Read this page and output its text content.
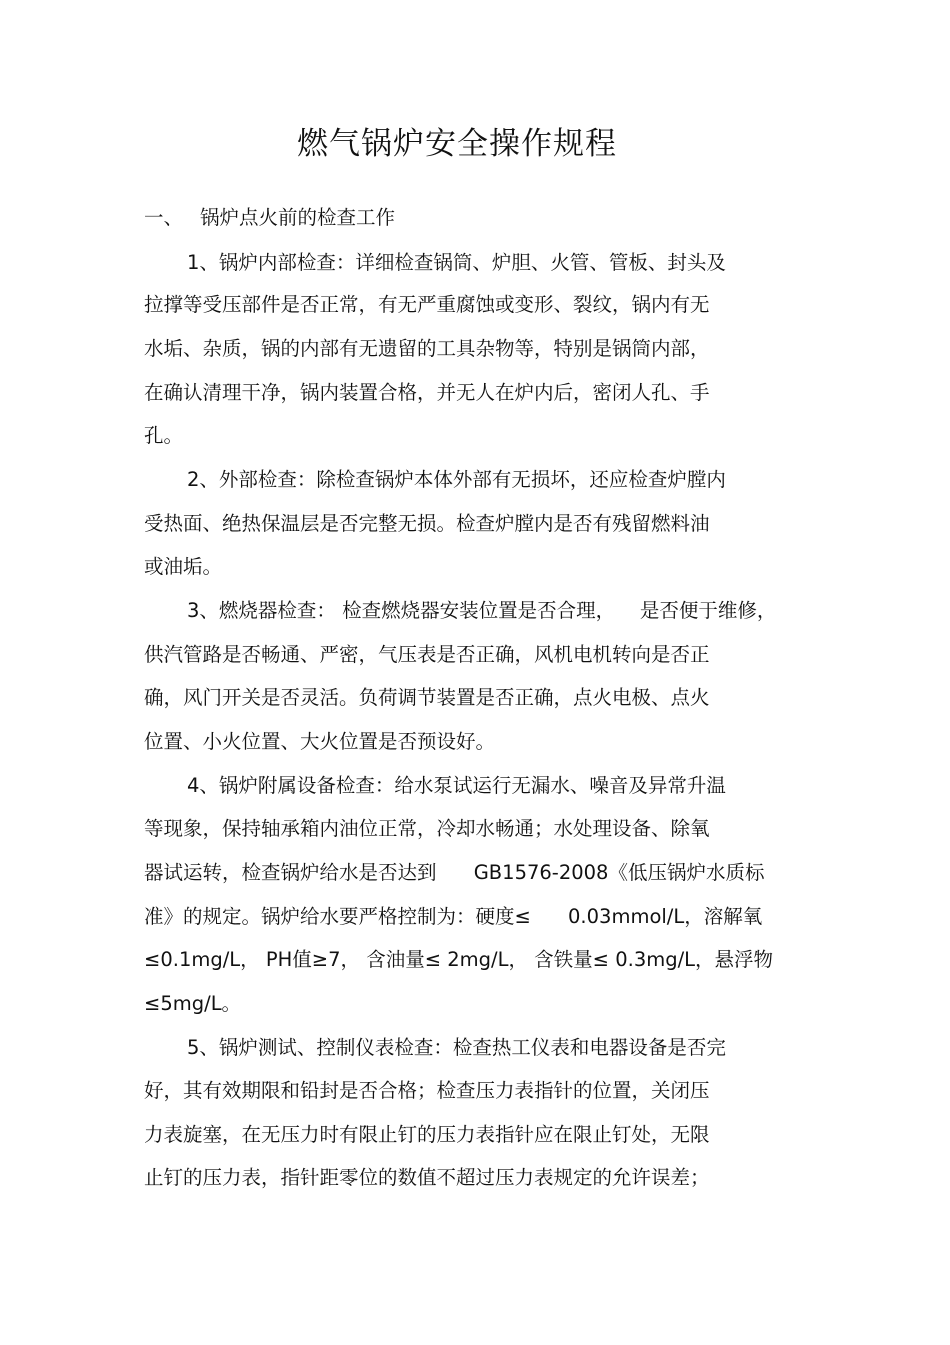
燃气锅炉安全操作规程
一、 锅炉点火前的检查工作
1、锅炉内部检查：详细检查锅筒、炉胆、火管、管板、封头及
拉撑等受压部件是否正常，有无严重腐蚀或变形、裂纹，锅内有无
水垢、杂质，锅的内部有无遗留的工具杂物等，特别是锅筒内部，
在确认清理干净，锅内装置合格，并无人在炉内后，密闭人孔、手
孔。
2、外部检查：除检查锅炉本体外部有无损坏，还应检查炉膛内
受热面、绝热保温层是否完整无损。检查炉膛内是否有残留燃料油
或油垢。
3、燃烧器检查： 检查燃烧器安装位置是否合理，    是否便于维修，
供汽管路是否畅通、严密，气压表是否正确，风机电机转向是否正
确，风门开关是否灵活。负荷调节装置是否正确，点火电极、点火
位置、小火位置、大火位置是否预设好。
4、锅炉附属设备检查：给水泵试运行无漏水、噪音及异常升温
等现象，保持轴承箱内油位正常，冷却水畅通；水处理设备、除氧
器试运转，检查锅炉给水是否达到      GB1576-2008《低压锅炉水质标
准》的规定。锅炉给水要严格控制为：硬度≤      0.03mmol/L，溶解氧
≤0.1mg/L， PH值≥7， 含油量≤ 2mg/L， 含铁量≤ 0.3mg/L，悬浮物
≤5mg/L。
5、锅炉测试、控制仪表检查：检查热工仪表和电器设备是否完
好，其有效期限和铅封是否合格；检查压力表指针的位置，关闭压
力表旋塞，在无压力时有限止钉的压力表指针应在限止钉处，无限
止钉的压力表，指针距零位的数值不超过压力表规定的允许误差；
